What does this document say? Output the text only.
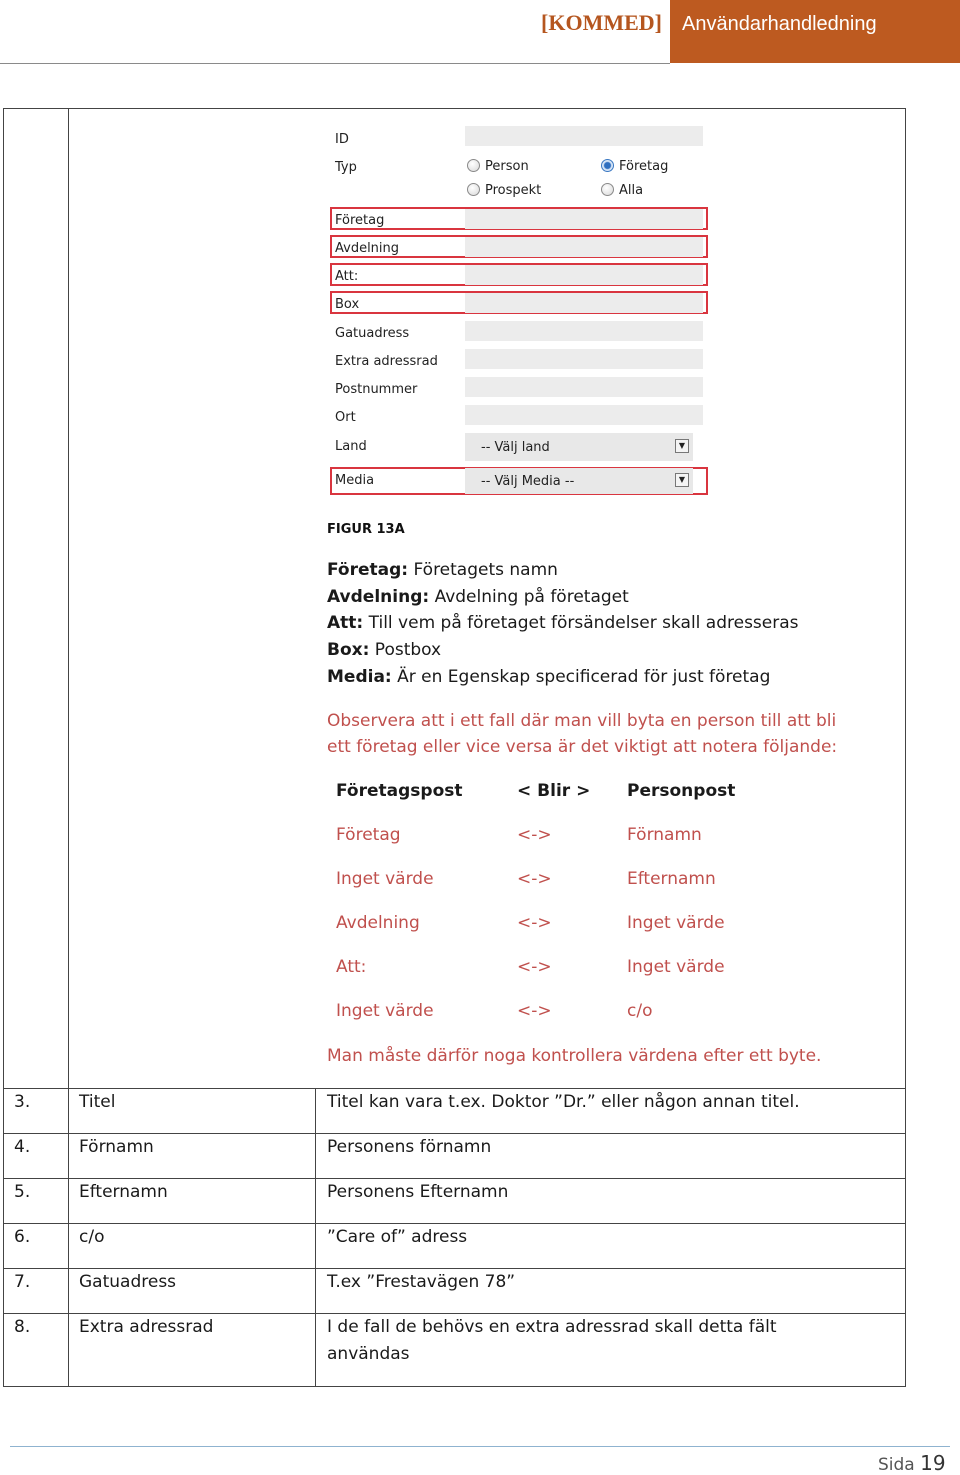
[KOMMED] Användarhandledning
ID
Typ	Person	Företag
Prospekt	Alla
Företag
Avdelning
Att:
Box
Gatuadress
Extra adressrad
Postnummer
Ort
Land	-- Välj land	▼
Media	-- Välj Media --	▼
FIGUR 13A
Företag: Företagets namn
Avdelning: Avdelning på företaget
Att: Till vem på företaget försändelser skall adresseras
Box: Postbox
Media: Är en Egenskap specificerad för just företag
Observera att i ett fall där man vill byta en person till att bli
ett företag eller vice versa är det viktigt att notera följande:
Företagspost	< Blir > Personpost
Företag	<->	Förnamn
Inget värde	<->	Efternamn
Avdelning	<->	Inget värde
Att:	<->	Inget värde
Inget värde	<->	c/o
Man måste därför noga kontrollera värdena efter ett byte.
3.	Titel	Titel kan vara t.ex. Doktor ”Dr.” eller någon annan titel.
4.	Förnamn	Personens förnamn
5.	Efternamn	Personens Efternamn
6.	c/o	”Care of” adress
7.	Gatuadress	T.ex ”Frestavägen 78”
8.	Extra adressrad	I de fall de behövs en extra adressrad skall detta fält
användas
Sida 19
